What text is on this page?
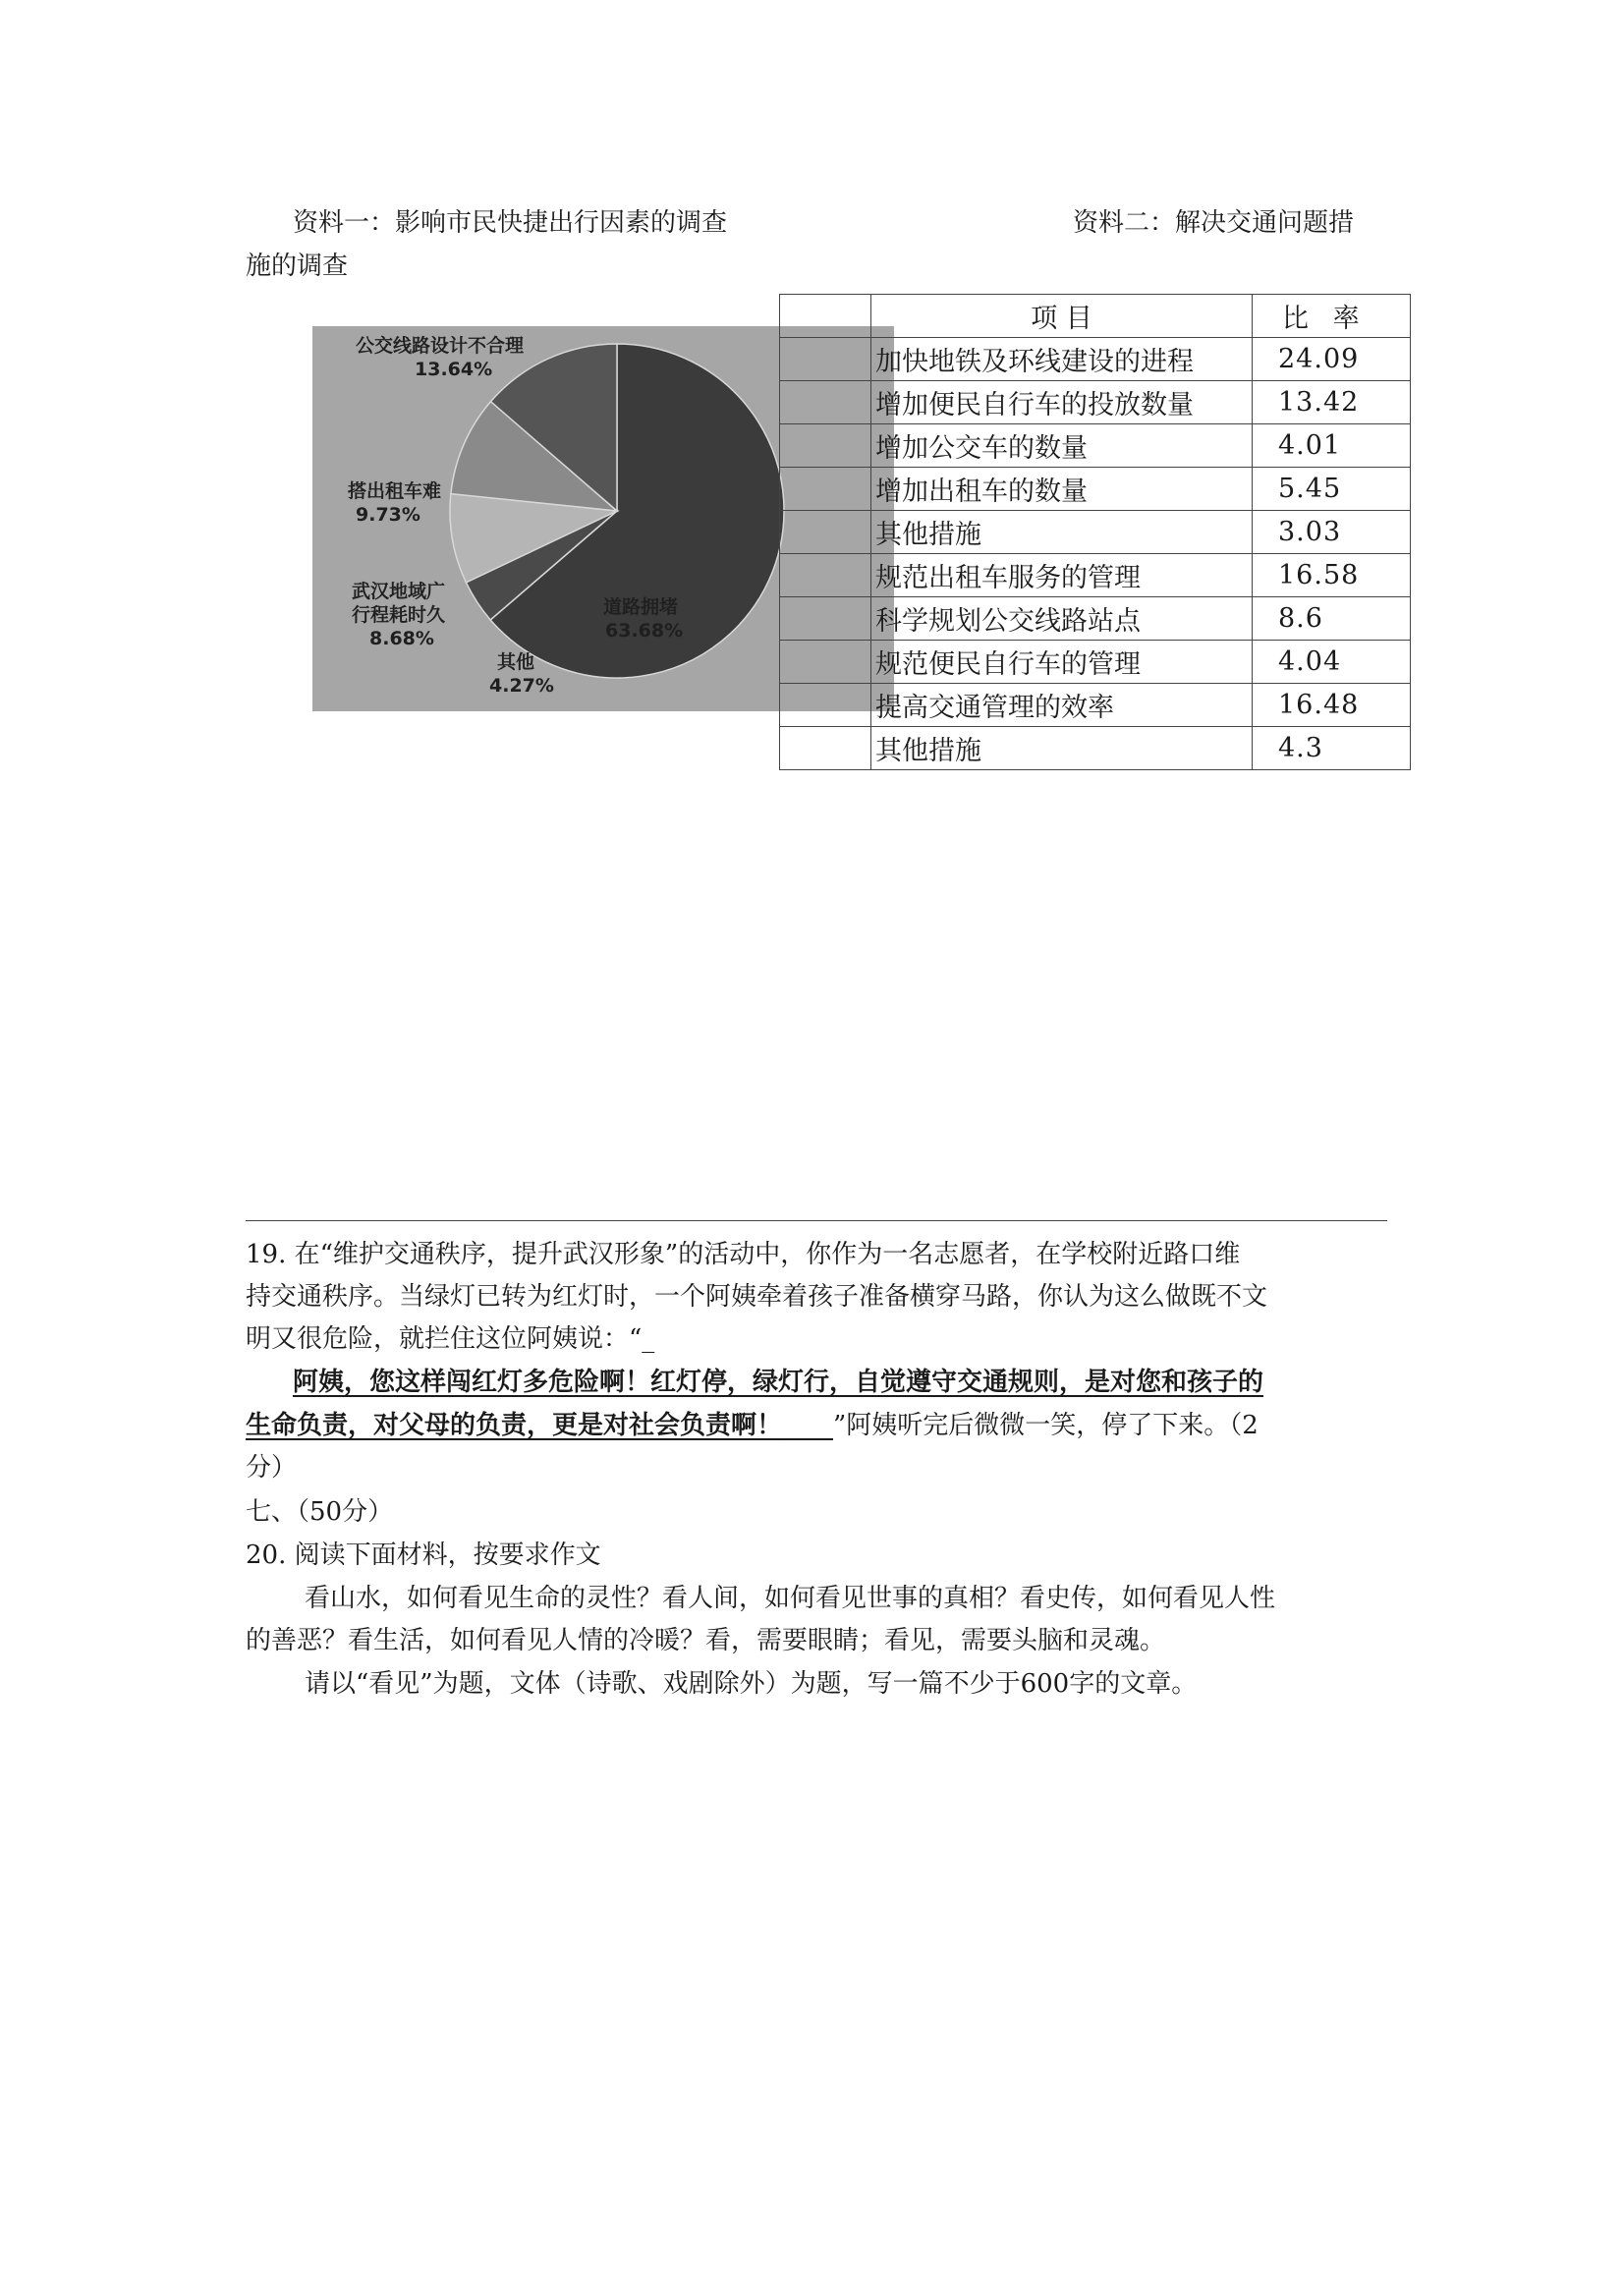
资料一：影响市民快捷出行因素的调查	资料二：解决交通问题措
施的调查
道路拥堵
63.68%
其他
4.27%
武汉地域广
行程耗时久
8.68%
搭出租车难
9.73%
公交线路设计不合理
13.64%
	项 目	比 率
	加快地铁及环线建设的进程	24.09
	增加便民自行车的投放数量	13.42
	增加公交车的数量	4.01
	增加出租车的数量	5.45
	其他措施	3.03
	规范出租车服务的管理	16.58
	科学规划公交线路站点	8.6
	规范便民自行车的管理	4.04
	提高交通管理的效率	16.48
	其他措施	4.3
19. 在“维护交通秩序，提升武汉形象”的活动中，你作为一名志愿者，在学校附近路口维
持交通秩序。当绿灯已转为红灯时，一个阿姨牵着孩子准备横穿马路，你认为这么做既不文
明又很危险，就拦住这位阿姨说：“_
阿姨，您这样闯红灯多危险啊！红灯停，绿灯行，自觉遵守交通规则，是对您和孩子的
生命负责，对父母的负责，更是对社会负责啊！   ”阿姨听完后微微一笑，停了下来。（2
分）
七、（50分）
20. 阅读下面材料，按要求作文
看山水，如何看见生命的灵性？看人间，如何看见世事的真相？看史传，如何看见人性
的善恶？看生活，如何看见人情的冷暖？看，需要眼睛；看见，需要头脑和灵魂。
请以“看见”为题，文体（诗歌、戏剧除外）为题，写一篇不少于600字的文章。
